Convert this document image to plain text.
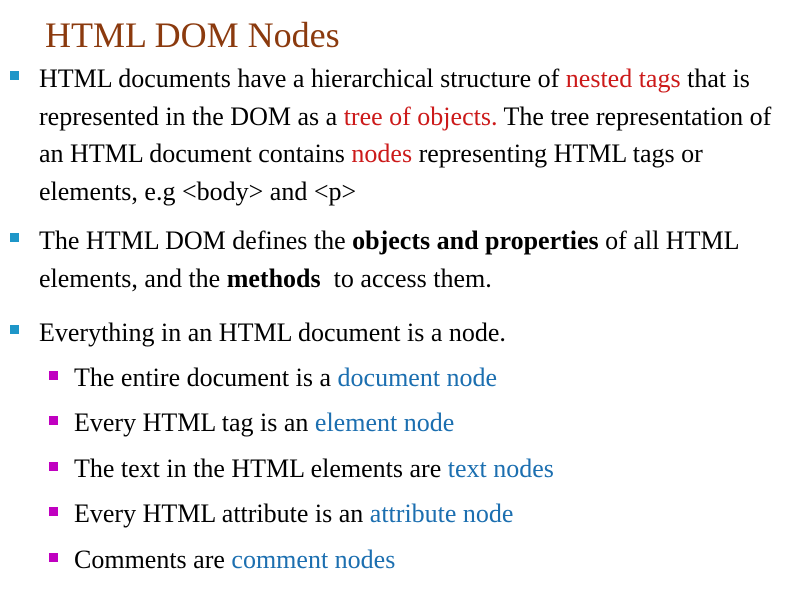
HTML DOM Nodes

HTML documents have a hierarchical structure of nested tags that is represented in the DOM as a tree of objects. The tree representation of an HTML document contains nodes representing HTML tags or elements, e.g <body> and <p>

The HTML DOM defines the objects and properties of all HTML elements, and the methods  to access them.

Everything in an HTML document is a node.

The entire document is a document node

Every HTML tag is an element node

The text in the HTML elements are text nodes

Every HTML attribute is an attribute node

Comments are comment nodes
